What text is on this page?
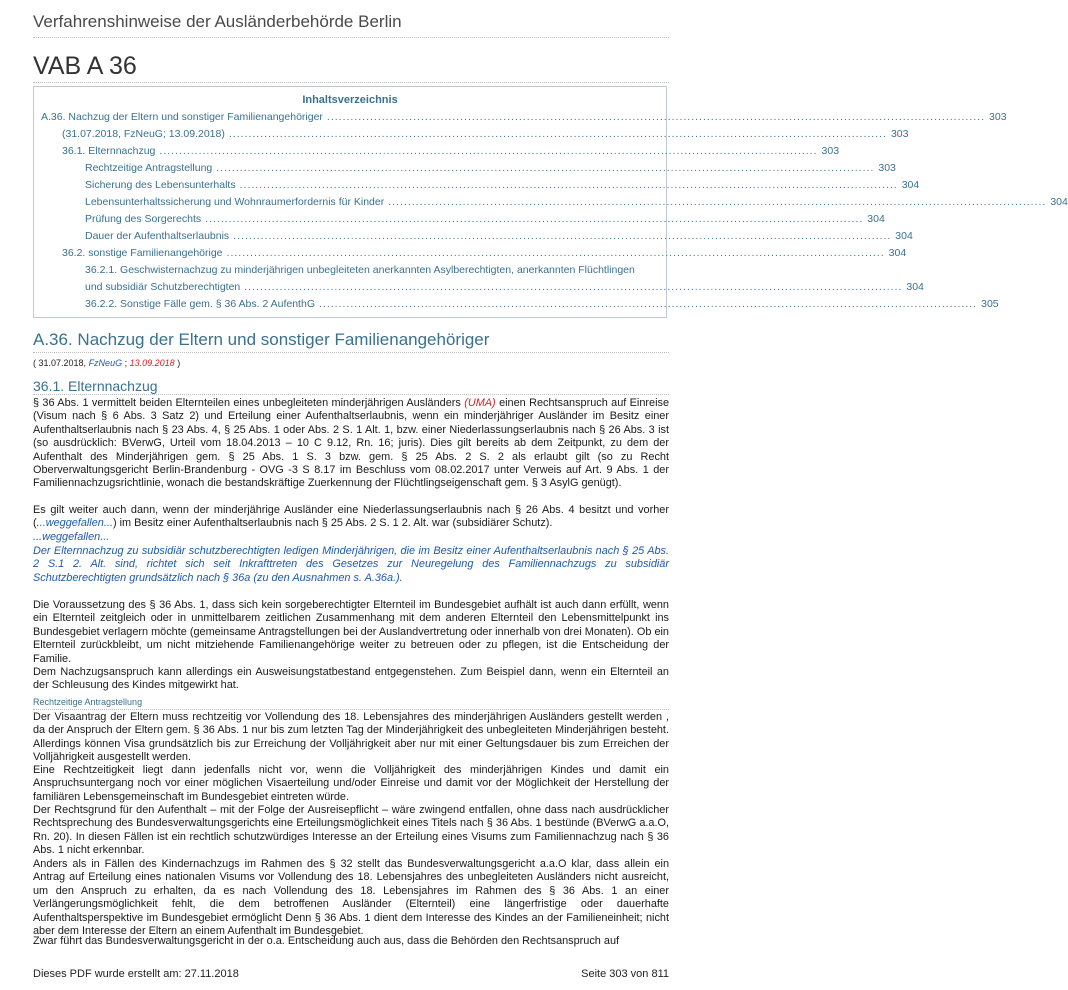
Verfahrenshinweise der Ausländerbehörde Berlin
VAB A 36
Inhaltsverzeichnis
A.36. Nachzug der Eltern und sonstiger Familienangehöriger ........................................................................................................................................................................ 303
(31.07.2018, FzNeuG; 13.09.2018) ........................................................................................................................................................................ 303
36.1. Elternnachzug ........................................................................................................................................................................ 303
Rechtzeitige Antragstellung ........................................................................................................................................................................ 303
Sicherung des Lebensunterhalts ........................................................................................................................................................................ 304
Lebensunterhaltssicherung und Wohnraumerfordernis für Kinder ........................................................................................................................................................................ 304
Prüfung des Sorgerechts ........................................................................................................................................................................ 304
Dauer der Aufenthaltserlaubnis ........................................................................................................................................................................ 304
36.2. sonstige Familienangehörige ........................................................................................................................................................................ 304
36.2.1. Geschwisternachzug zu minderjährigen unbegleiteten anerkannten Asylberechtigten, anerkannten Flüchtlingen
und subsidiär Schutzberechtigten ........................................................................................................................................................................ 304
36.2.2. Sonstige Fälle gem. § 36 Abs. 2 AufenthG ........................................................................................................................................................................ 305
A.36. Nachzug der Eltern und sonstiger Familienangehöriger
( 31.07.2018, FzNeuG ; 13.09.2018 )
36.1. Elternnachzug
§ 36 Abs. 1 vermittelt beiden Elternteilen eines unbegleiteten minderjährigen Ausländers (UMA) einen Rechtsanspruch auf Einreise (Visum nach § 6 Abs. 3 Satz 2) und Erteilung einer Aufenthaltserlaubnis, wenn ein minderjähriger Ausländer im Besitz einer Aufenthaltserlaubnis nach § 23 Abs. 4, § 25 Abs. 1 oder Abs. 2 S. 1 Alt. 1, bzw. einer Niederlassungserlaubnis nach § 26 Abs. 3 ist (so ausdrücklich: BVerwG, Urteil vom 18.04.2013 – 10 C 9.12, Rn. 16; juris). Dies gilt bereits ab dem Zeitpunkt, zu dem der Aufenthalt des Minderjährigen gem. § 25 Abs. 1 S. 3 bzw. gem. § 25 Abs. 2 S. 2 als erlaubt gilt (so zu Recht Oberverwaltungsgericht Berlin-Brandenburg - OVG -3 S 8.17 im Beschluss vom 08.02.2017 unter Verweis auf Art. 9 Abs. 1 der Familiennachzugsrichtlinie, wonach die bestandskräftige Zuerkennung der Flüchtlingseigenschaft gem. § 3 AsylG genügt).
Es gilt weiter auch dann, wenn der minderjährige Ausländer eine Niederlassungserlaubnis nach § 26 Abs. 4 besitzt und vorher (...weggefallen...) im Besitz einer Aufenthaltserlaubnis nach § 25 Abs. 2 S. 1 2. Alt. war (subsidiärer Schutz).
...weggefallen...
Der Elternnachzug zu subsidiär schutzberechtigten ledigen Minderjährigen, die im Besitz einer Aufenthaltserlaubnis nach § 25 Abs. 2 S.1 2. Alt. sind, richtet sich seit Inkrafttreten des Gesetzes zur Neuregelung des Familiennachzugs zu subsidiär Schutzberechtigten grundsätzlich nach § 36a (zu den Ausnahmen s. A.36a.).
Die Voraussetzung des § 36 Abs. 1, dass sich kein sorgeberechtigter Elternteil im Bundesgebiet aufhält ist auch dann erfüllt, wenn ein Elternteil zeitgleich oder in unmittelbarem zeitlichen Zusammenhang mit dem anderen Elternteil den Lebensmittelpunkt ins Bundesgebiet verlagern möchte (gemeinsame Antragstellungen bei der Auslandvertretung oder innerhalb von drei Monaten). Ob ein Elternteil zurückbleibt, um nicht mitziehende Familienangehörige weiter zu betreuen oder zu pflegen, ist die Entscheidung der Familie.
Dem Nachzugsanspruch kann allerdings ein Ausweisungstatbestand entgegenstehen. Zum Beispiel dann, wenn ein Elternteil an der Schleusung des Kindes mitgewirkt hat.
Rechtzeitige Antragstellung
Der Visaantrag der Eltern muss rechtzeitig vor Vollendung des 18. Lebensjahres des minderjährigen Ausländers gestellt werden , da der Anspruch der Eltern gem. § 36 Abs. 1 nur bis zum letzten Tag der Minderjährigkeit des unbegleiteten Minderjährigen besteht. Allerdings können Visa grundsätzlich bis zur Erreichung der Volljährigkeit aber nur mit einer Geltungsdauer bis zum Erreichen der Volljährigkeit ausgestellt werden.
Eine Rechtzeitigkeit liegt dann jedenfalls nicht vor, wenn die Volljährigkeit des minderjährigen Kindes und damit ein Anspruchsuntergang noch vor einer möglichen Visaerteilung und/oder Einreise und damit vor der Möglichkeit der Herstellung der familiären Lebensgemeinschaft im Bundesgebiet eintreten würde.
Der Rechtsgrund für den Aufenthalt – mit der Folge der Ausreisepflicht – wäre zwingend entfallen, ohne dass nach ausdrücklicher Rechtsprechung des Bundesverwaltungsgerichts eine Erteilungsmöglichkeit eines Titels nach § 36 Abs. 1 bestünde (BVerwG a.a.O, Rn. 20). In diesen Fällen ist ein rechtlich schutzwürdiges Interesse an der Erteilung eines Visums zum Familiennachzug nach § 36 Abs. 1 nicht erkennbar.
Anders als in Fällen des Kindernachzugs im Rahmen des § 32 stellt das Bundesverwaltungsgericht a.a.O klar, dass allein ein Antrag auf Erteilung eines nationalen Visums vor Vollendung des 18. Lebensjahres des unbegleiteten Ausländers nicht ausreicht, um den Anspruch zu erhalten, da es nach Vollendung des 18. Lebensjahres im Rahmen des § 36 Abs. 1 an einer Verlängerungsmöglichkeit fehlt, die dem betroffenen Ausländer (Elternteil) eine längerfristige oder dauerhafte Aufenthaltsperspektive im Bundesgebiet ermöglicht Denn § 36 Abs. 1 dient dem Interesse des Kindes an der Familieneinheit; nicht aber dem Interesse der Eltern an einem Aufenthalt im Bundesgebiet.
Zwar führt das Bundesverwaltungsgericht in der o.a. Entscheidung auch aus, dass die Behörden den Rechtsanspruch auf
Dieses PDF wurde erstellt am: 27.11.2018	Seite 303 von 811
